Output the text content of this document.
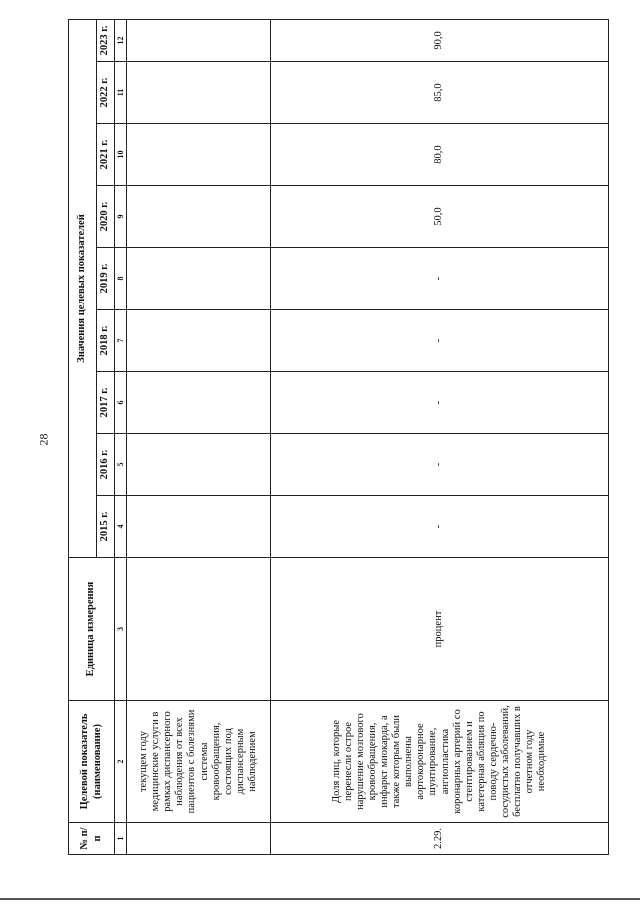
28
№ п/п	Целевой показатель (наименование)	Единица измерения	Значения целевых показателей								
			2015 г.	2016 г.	2017 г.	2018 г.	2019 г.	2020 г.	2021 г.	2022 г.	2023 г.
1	2	3	4	5	6	7	8	9	10	11	12
	текущем году медицинские услуги в рамках диспансерного наблюдения от всех пациентов с болезнями системы кровообращения, состоящих под диспансерным наблюдением										
2.29.	Доля лиц, которые перенесли острое нарушение мозгового кровообращения, инфаркт миокарда, а также которым были выполнены аортокоронарное шунтирование, ангиопластика коронарных артерий со стентированием и катетерная абляция по поводу сердечно-сосудистых заболеваний, бесплатно получавших в отчетном году необходимые	процент	-	-	-	-	-	50,0	80,0	85,0	90,0
